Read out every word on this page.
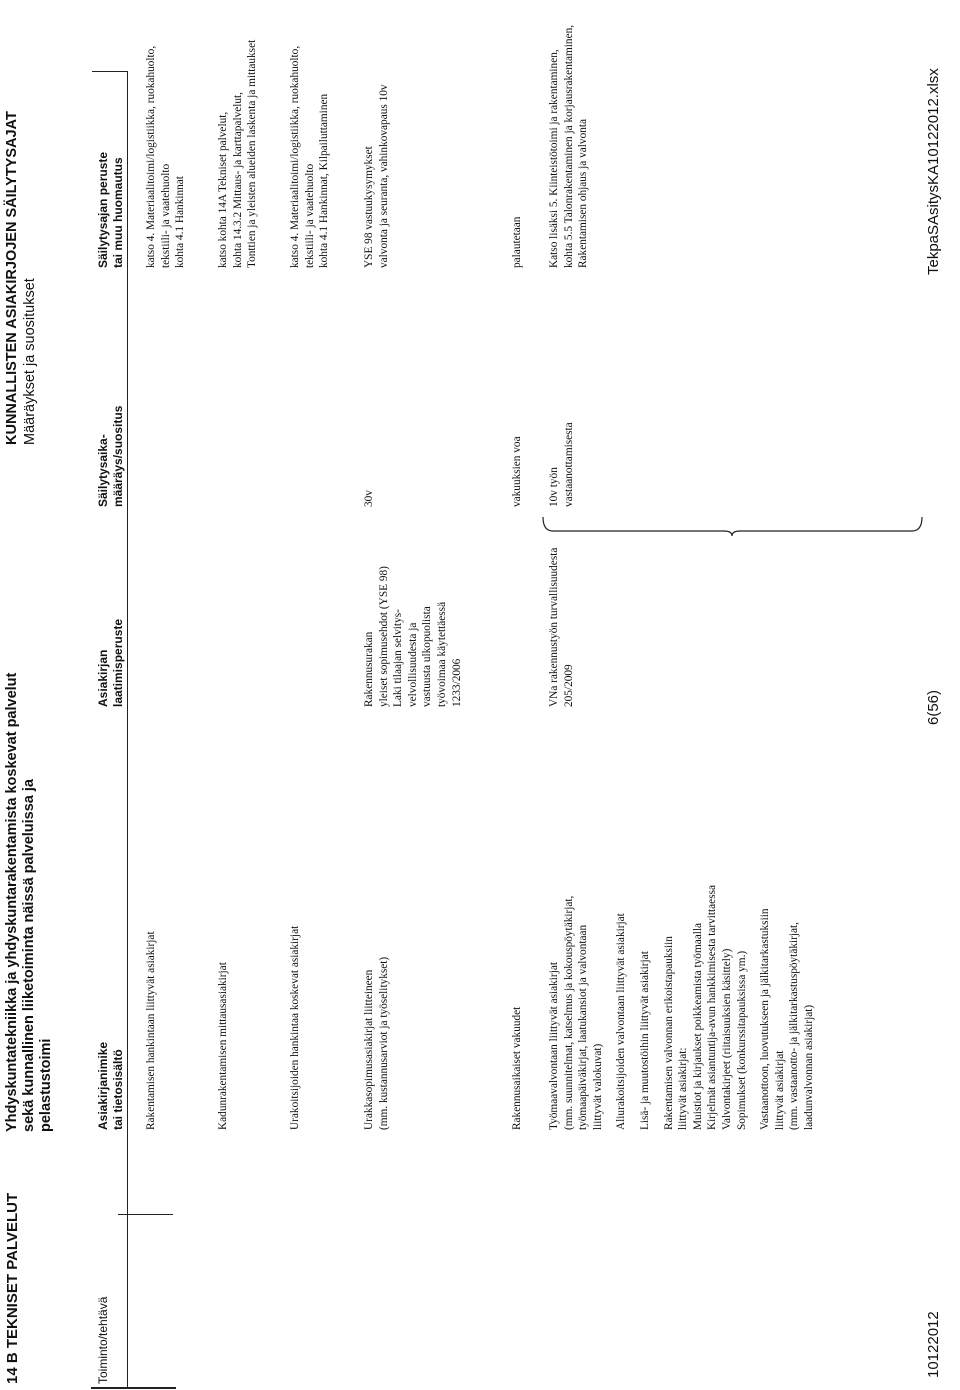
14 B TEKNISET PALVELUT
Yhdyskuntatekniikka ja yhdyskuntarakentamista koskevat palvelut sekä kunnallinen liiketoiminta näissä palveluissa ja pelastustoimi
KUNNALLISTEN ASIAKIRJOJEN SÄILYTYSAJAT Määräykset ja suositukset
Toiminto/tehtävä
Asiakirjanimike tai tietosisältö
Asiakirjan laatimisperuste
Säilytysaika- määräys/suositus
Säilytysajan peruste tai muu huomautus
Rakentamisen hankintaan liittyvät asiakirjat
katso 4. Materiaalitoimi/logistiikka, ruokahuolto, tekstiili- ja vaatehuolto kohta 4.1 Hankinnat
Kadunrakentamisen mittausasiakirjat
katso kohta 14A Tekniset palvelut, kohta 14.3.2 Mittaus- ja karttapalvelut, Tonttien ja yleisten alueiden laskenta ja mittaukset
Urakoitsijoiden hankintaa koskevat asiakirjat
katso 4. Materiaalitoimi/logistiikka, ruokahuolto, tekstiili- ja vaatehuolto kohta 4.1 Hankinnat, Kilpailuttaminen
Urakkasopimusasiakirjat liitteineen (mm. kustannusarviot ja työselitykset)
Rakennusurakan yleiset sopimusehdot (YSE 98) Laki tilaajan selvitys- velvollisuudesta ja vastuusta ulkopuolista työvoimaa käytettäessä 1233/2006
30v
YSE 98 vastuukysymykset valvonta ja seuranta, vahinkovapaus 10v
Rakennusaikaiset vakuudet
vakuuksien voa
palautetaan
Työmaavalvontaan liittyvät asiakirjat (mm. suunnitelmat, katselmus ja kokouspöytäkirjat, työmaapäiväkirjat, laatukansiot ja valvontaan liittyvät valokuvat) Aliurakoitsijoiden valvontaan liittyvät asiakirjat Lisä- ja muutostöihin liittyvät asiakirjat Rakentamisen valvonnan erikoistapauksiin liittyvät asiakirjat: Muistiot ja kirjaukset poikkeamista työmaalla Kirjelmät asiantuntija-avun hankkimisesta tarvittaessa Valvontakirjeet (riitaisuuksien käsittely) Sopimukset (konkurssitapauksissa ym.) Vastaanottoon, luovutukseen ja jälkitarkastuksiin liittyvät asiakirjat (mm. vastaanotto- ja jälkitarkastuspöytäkirjat, laadunvalvonnan asiakirjat)
VNa rakennustyön turvallisuudesta 205/2009
10v työn vastaanottamisesta
Katso lisäksi 5. Kiinteistötoimi ja rakentaminen, kohta 5.5 Talonrakentaminen ja korjausrakentaminen, Rakentamisen ohjaus ja valvonta
10122012
6(56)
TekpaSAsitysKA10122012.xlsx
